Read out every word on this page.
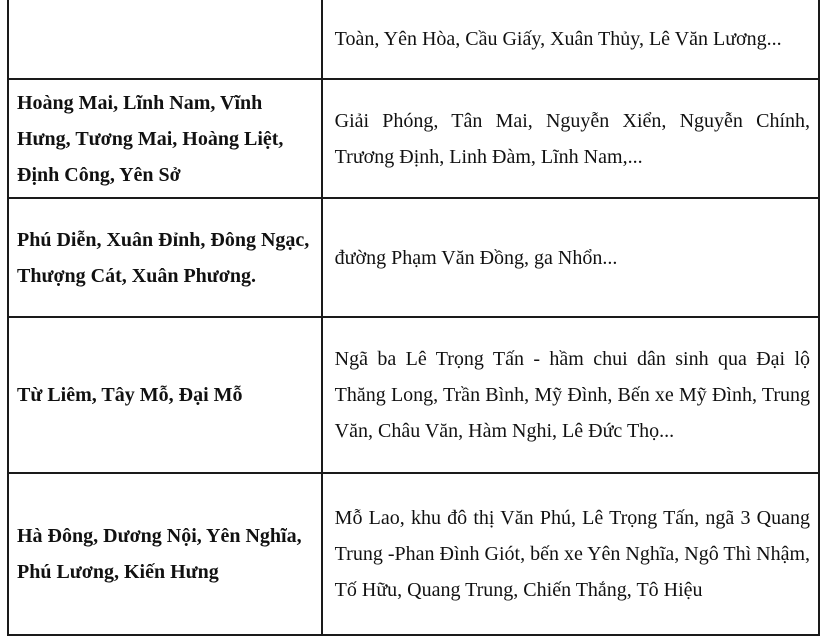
	Toàn, Yên Hòa, Cầu Giấy, Xuân Thủy, Lê Văn Lương...
Hoàng Mai, Lĩnh Nam, Vĩnh Hưng, Tương Mai, Hoàng Liệt, Định Công, Yên Sở	Giải Phóng, Tân Mai, Nguyễn Xiển, Nguyễn Chính, Trương Định, Linh Đàm, Lĩnh Nam,...
Phú Diễn, Xuân Đỉnh, Đông Ngạc, Thượng Cát, Xuân Phương.	đường Phạm Văn Đồng, ga Nhổn...
Từ Liêm, Tây Mỗ, Đại Mỗ	Ngã ba Lê Trọng Tấn - hầm chui dân sinh qua Đại lộ Thăng Long, Trần Bình, Mỹ Đình, Bến xe Mỹ Đình, Trung Văn, Châu Văn, Hàm Nghi, Lê Đức Thọ...
Hà Đông, Dương Nội, Yên Nghĩa, Phú Lương, Kiến Hưng	Mỗ Lao, khu đô thị Văn Phú, Lê Trọng Tấn, ngã 3 Quang Trung -Phan Đình Giót, bến xe Yên Nghĩa, Ngô Thì Nhậm, Tố Hữu, Quang Trung, Chiến Thắng, Tô Hiệu
